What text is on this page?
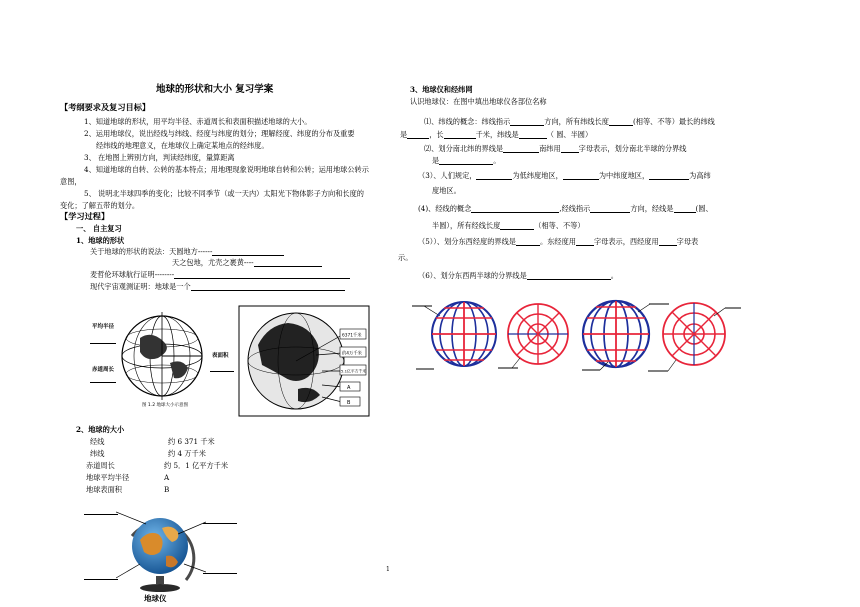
地球的形状和大小 复习学案
【考纲要求及复习目标】
1、知道地球的形状，用平均半径、赤道周长和表面积描述地球的大小。
2、运用地球仪，说出经线与纬线、经度与纬度的划分；理解经度、纬度的分布及重要
经纬线的地理意义，在地球仪上确定某地点的经纬度。
3、 在地图上辨别方向，判读经纬度，量算距离
4、知道地球的自转、公转的基本特点；用地理现象说明地球自转和公转；运用地球公转示
意图，
5、 说明北半球四季的变化；比较不同季节（或一天内）太阳光下物体影子方向和长度的
变化；了解五带的划分。
【学习过程】
一、 自主复习
1、地球的形状
关于地球的形状的说法：天圆地方------
天之包地，尤壳之裹黄----
麦哲伦环球航行证明--------
现代宇宙观测证明：地球是一个
平均半径
赤道周长
表面积
图 1.2 地球大小示意图
6371千米
约4万千米
5.1亿平方千米
A
B
2、地球的大小
经线	约 6 371 千米
纬线	约 4 万千米
赤道周长	约 5．1 亿平方千米
地球平均半径	A
地球表面积	B
地球仪
3、地球仪和经纬网
认识地球仪：在图中填出地球仪各部位名称
⑴、纬线的概念：纬线指示	方向，所有纬线长度	(相等、不等）最长的纬线
是	，长	千米，纬线是	（ 圆、半圆）
⑵、划分南北纬的界线是	南纬用	字母表示，划分南北半球的分界线
是	。
（3）、人们规定，	为低纬度地区，	为中纬度地区，	为高纬
度地区。
(4)、经线的概念	,经线指示	方向，经线是	(圆、
半圆），所有经线长度	（相等、不等）
（5））、划分东西经度的界线是	。东经度用	字母表示，西经度用	字母表
示。
（6）、划分东西两半球的分界线是	。
1
